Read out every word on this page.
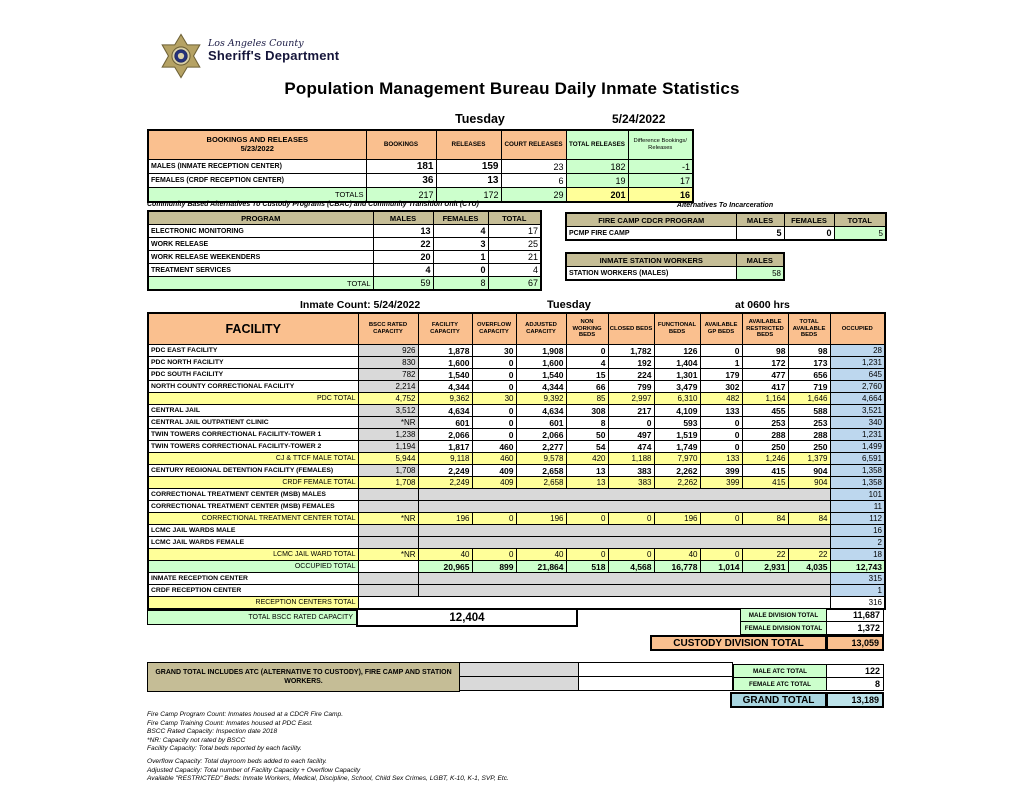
Los Angeles County
Sheriff's Department
Population Management Bureau Daily Inmate Statistics
Tuesday	5/24/2022
BOOKINGS AND RELEASES
5/23/2022	BOOKINGS	RELEASES	COURT RELEASES	TOTAL RELEASES	Difference Bookings/ Releases
MALES (INMATE RECEPTION CENTER)	181	159	23	182	-1
FEMALES (CRDF RECEPTION CENTER)	36	13	6	19	17
TOTALS	217	172	29	201	16
Community Based Alternatives To Custody Programs (CBAC) and Community Transition Unit (CTU)
PROGRAM	MALES	FEMALES	TOTAL
ELECTRONIC MONITORING	13	4	17
WORK RELEASE	22	3	25
WORK RELEASE WEEKENDERS	20	1	21
TREATMENT SERVICES	4	0	4
TOTAL	59	8	67
Alternatives To Incarceration
FIRE CAMP CDCR PROGRAM	MALES	FEMALES	TOTAL
PCMP FIRE CAMP	5	0	5
INMATE STATION WORKERS	MALES
STATION WORKERS (MALES)	58
Inmate Count: 5/24/2022	Tuesday	at 0600 hrs
FACILITY	BSCC RATED CAPACITY	FACILITY CAPACITY	OVERFLOW CAPACITY	ADJUSTED CAPACITY	NON WORKING BEDS	CLOSED BEDS	FUNCTIONAL BEDS	AVAILABLE GP BEDS	AVAILABLE RESTRICTED BEDS	TOTAL AVAILABLE BEDS	OCCUPIED
PDC EAST FACILITY	926	1,878	30	1,908	0	1,782	126	0	98	98	28
PDC NORTH FACILITY	830	1,600	0	1,600	4	192	1,404	1	172	173	1,231
PDC SOUTH FACILITY	782	1,540	0	1,540	15	224	1,301	179	477	656	645
NORTH COUNTY CORRECTIONAL FACILITY	2,214	4,344	0	4,344	66	799	3,479	302	417	719	2,760
PDC TOTAL	4,752	9,362	30	9,392	85	2,997	6,310	482	1,164	1,646	4,664
CENTRAL JAIL	3,512	4,634	0	4,634	308	217	4,109	133	455	588	3,521
CENTRAL JAIL OUTPATIENT CLINIC	*NR	601	0	601	8	0	593	0	253	253	340
TWIN TOWERS CORRECTIONAL FACILITY-TOWER 1	1,238	2,066	0	2,066	50	497	1,519	0	288	288	1,231
TWIN TOWERS CORRECTIONAL FACILITY-TOWER 2	1,194	1,817	460	2,277	54	474	1,749	0	250	250	1,499
CJ & TTCF MALE TOTAL	5,944	9,118	460	9,578	420	1,188	7,970	133	1,246	1,379	6,591
CENTURY REGIONAL DETENTION FACILITY (FEMALES)	1,708	2,249	409	2,658	13	383	2,262	399	415	904	1,358
CRDF FEMALE TOTAL	1,708	2,249	409	2,658	13	383	2,262	399	415	904	1,358
CORRECTIONAL TREATMENT CENTER (MSB) MALES											101
CORRECTIONAL TREATMENT CENTER (MSB) FEMALES											11
CORRECTIONAL TREATMENT CENTER TOTAL	*NR	196	0	196	0	0	196	0	84	84	112
LCMC JAIL WARDS MALE											16
LCMC JAIL WARDS FEMALE											2
LCMC JAIL WARD TOTAL	*NR	40	0	40	0	0	40	0	22	22	18
OCCUPIED TOTAL		20,965	899	21,864	518	4,568	16,778	1,014	2,931	4,035	12,743
INMATE RECEPTION CENTER											315
CRDF RECEPTION CENTER											1
RECEPTION CENTERS TOTAL											316
TOTAL BSCC RATED CAPACITY	12,404	MALE DIVISION TOTAL	11,687
FEMALE DIVISION TOTAL	1,372
CUSTODY DIVISION TOTAL	13,059
GRAND TOTAL INCLUDES ATC (ALTERNATIVE TO CUSTODY), FIRE CAMP AND STATION WORKERS.
MALE ATC TOTAL	122
FEMALE ATC TOTAL	8
GRAND TOTAL	13,189
Fire Camp Program Count: Inmates housed at a CDCR Fire Camp.
Fire Camp Training Count: Inmates housed at PDC East.
BSCC Rated Capacity: Inspection date 2018
*NR: Capacity not rated by BSCC
Facility Capacity: Total beds reported by each facility.
Overflow Capacity: Total dayroom beds added to each facility.
Adjusted Capacity: Total number of Facility Capacity + Overflow Capacity
Available "RESTRICTED" Beds: Inmate Workers, Medical, Discipline, School, Child Sex Crimes, LGBT, K-10, K-1, SVP, Etc.
